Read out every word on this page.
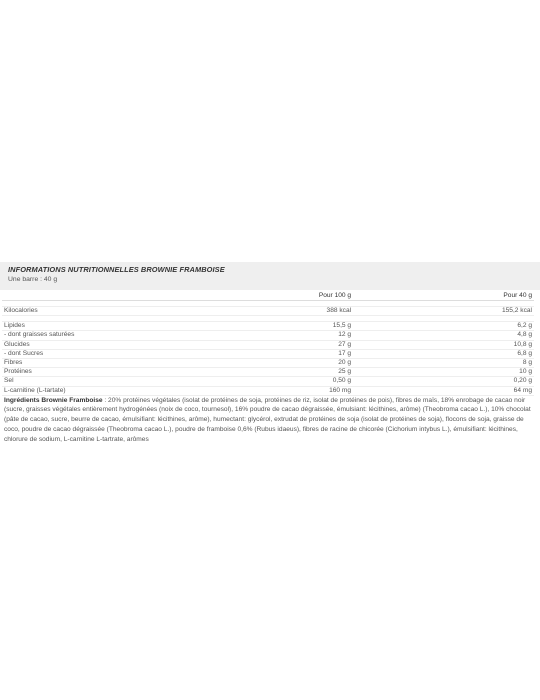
INFORMATIONS NUTRITIONNELLES BROWNIE FRAMBOISE
Une barre : 40 g
	Pour 100 g	Pour 40 g

Kilocalories	388 kcal	155,2 kcal

Lipides	15,5 g	6,2 g
- dont graisses saturées	12 g	4,8 g
Glucides	27 g	10,8 g
- dont Sucres	17 g	6,8 g
Fibres	20 g	8 g
Protéines	25 g	10 g
Sel	0,50 g	0,20 g
L-carnitine (L-tartate)	160 mg	64 mg
Ingrédients Brownie Framboise : 20% protéines végétales (isolat de protéines de soja, protéines de riz, isolat de protéines de pois), fibres de maïs, 18% enrobage de cacao noir (sucre, graisses végétales entièrement hydrogénées (noix de coco, tournesol), 16% poudre de cacao dégraissée, émulsiant: lécithines, arôme) (Theobroma cacao L.), 10% chocolat (pâte de cacao, sucre, beurre de cacao, émulsifiant: lécithines, arôme), humectant: glycérol, extrudat de protéines de soja (isolat de protéines de soja), flocons de soja, graisse de coco, poudre de cacao dégraissée (Theobroma cacao L.), poudre de framboise 0,6% (Rubus idaeus), fibres de racine de chicorée (Cichorium intybus L.), émulsifiant: lécithines, chlorure de sodium, L-carnitine L-tartrate, arômes
